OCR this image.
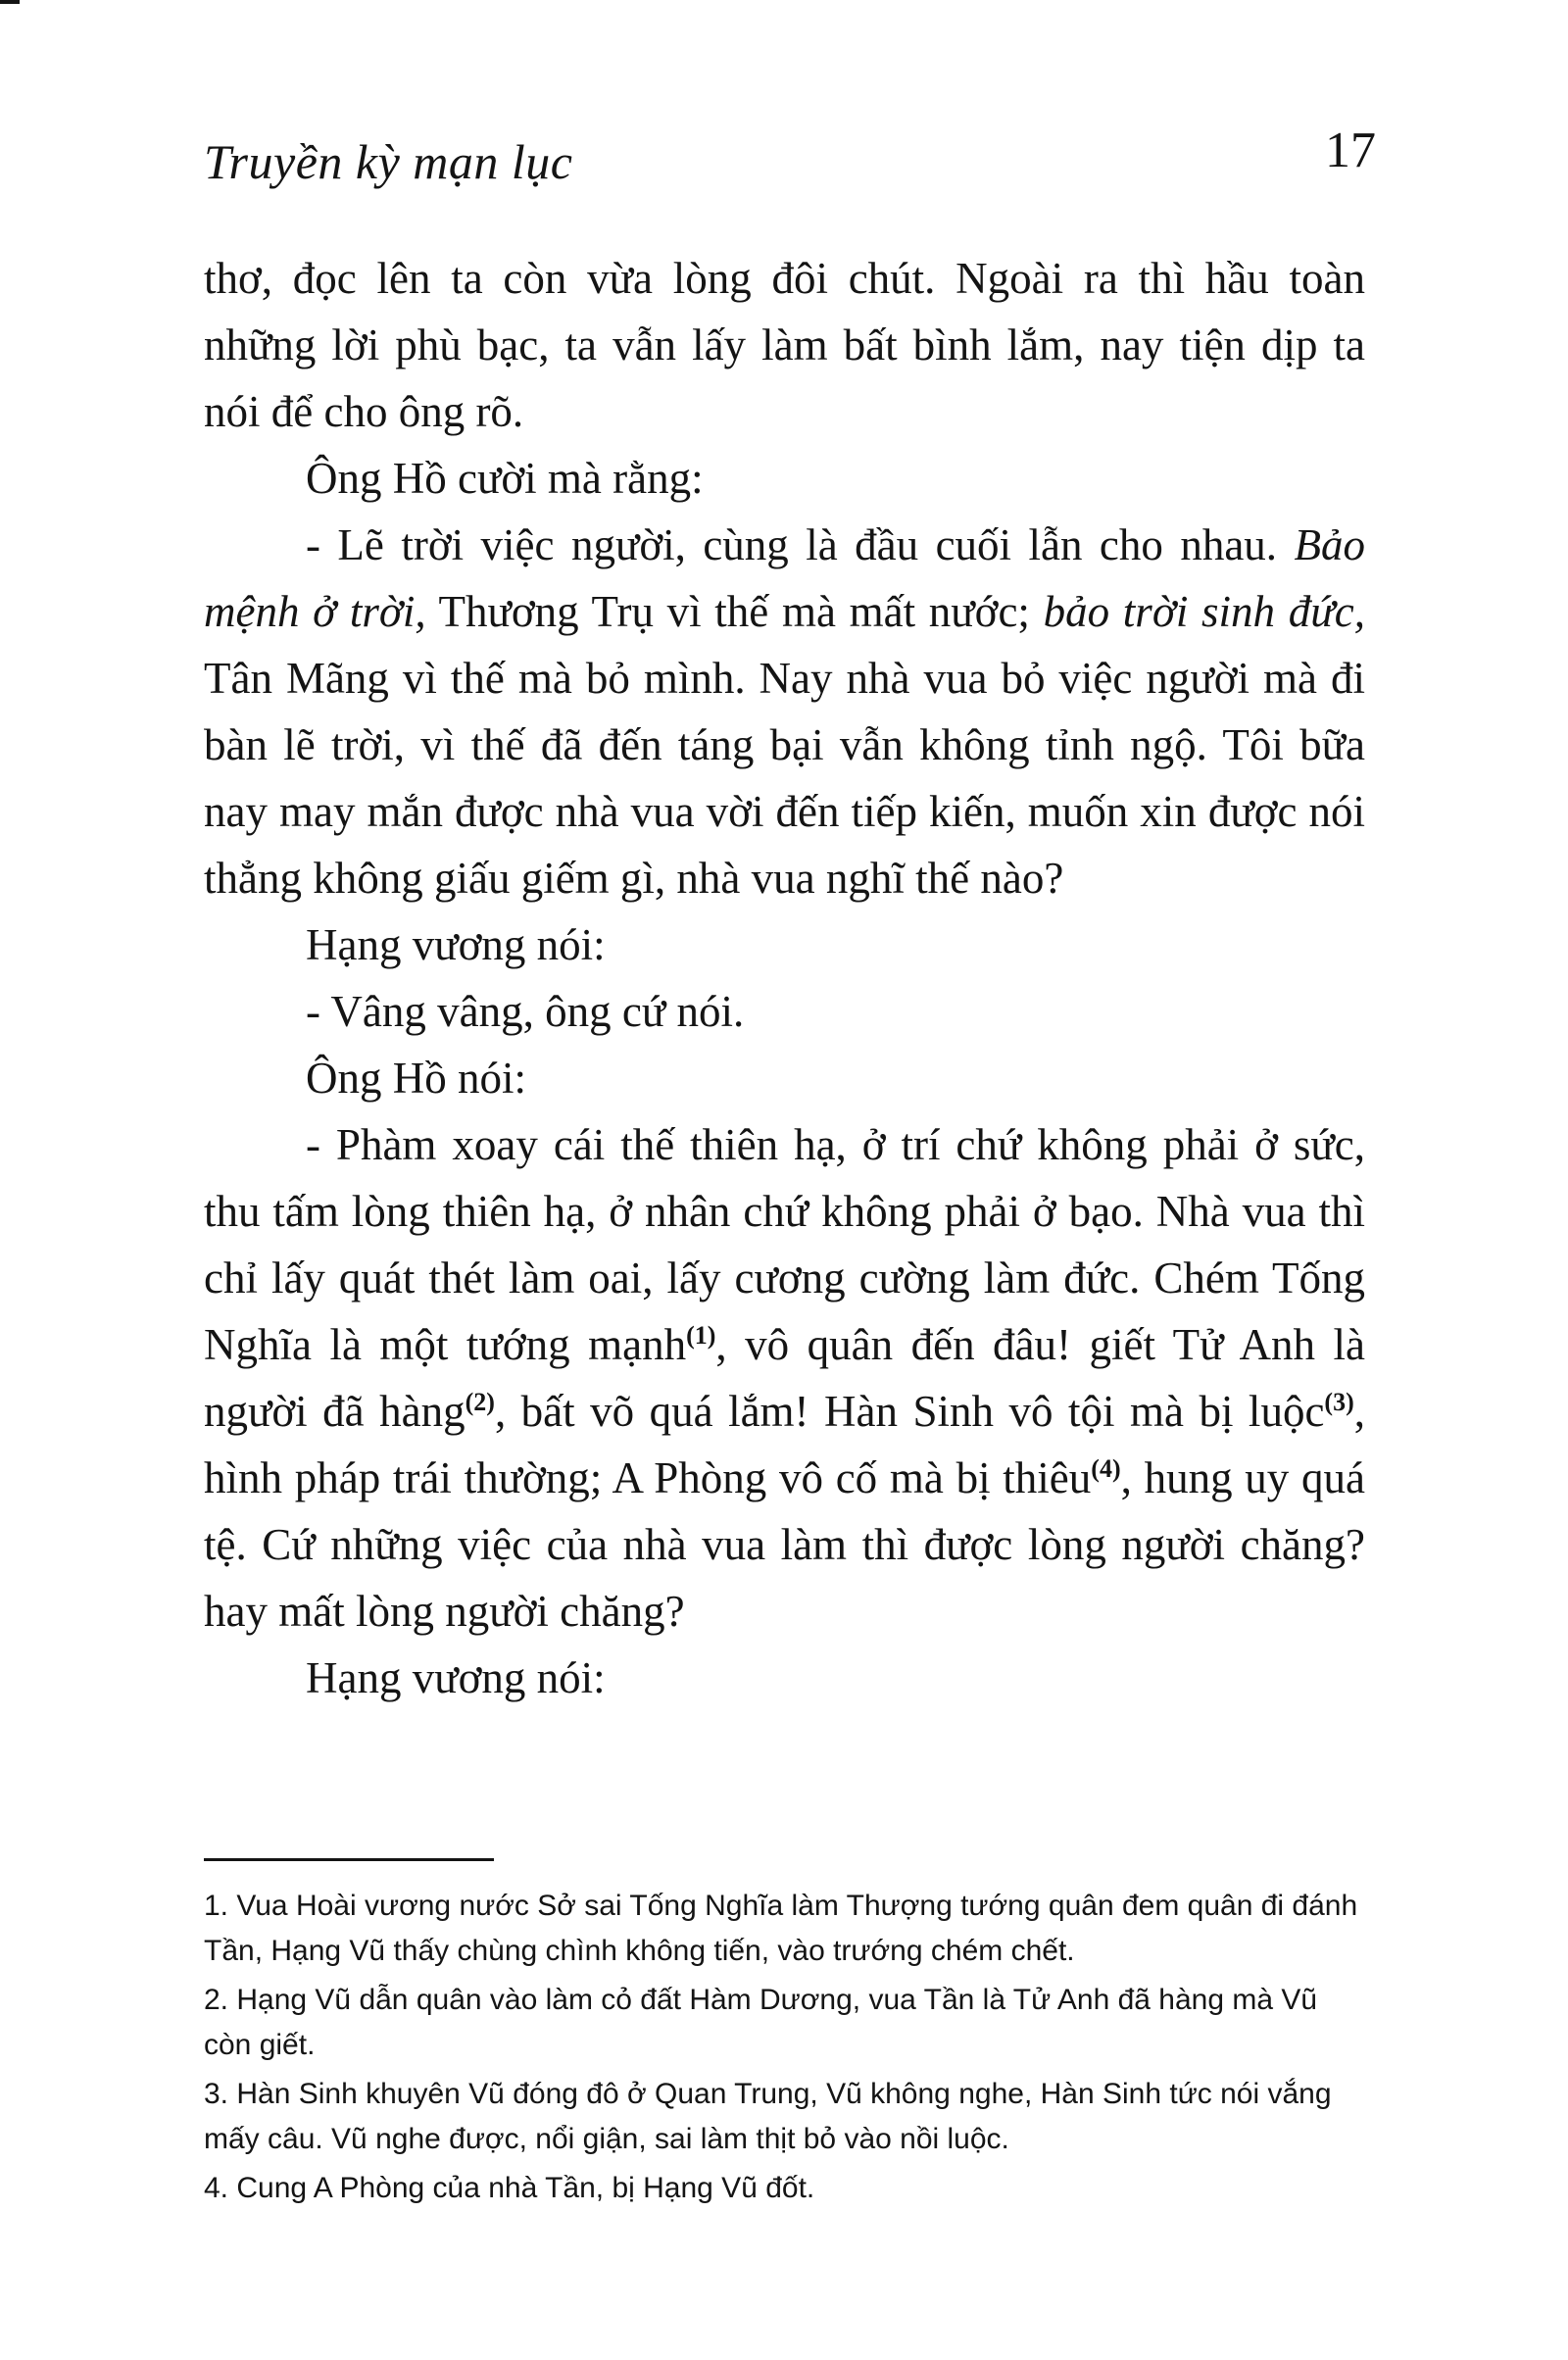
Truyền kỳ mạn lục	17

thơ, đọc lên ta còn vừa lòng đôi chút. Ngoài ra thì hầu toàn những lời phù bạc, ta vẫn lấy làm bất bình lắm, nay tiện dịp ta nói để cho ông rõ.

Ông Hồ cười mà rằng:

- Lẽ trời việc người, cùng là đầu cuối lẫn cho nhau. Bảo mệnh ở trời, Thương Trụ vì thế mà mất nước; bảo trời sinh đức, Tân Mãng vì thế mà bỏ mình. Nay nhà vua bỏ việc người mà đi bàn lẽ trời, vì thế đã đến táng bại vẫn không tỉnh ngộ. Tôi bữa nay may mắn được nhà vua vời đến tiếp kiến, muốn xin được nói thẳng không giấu giếm gì, nhà vua nghĩ thế nào?

Hạng vương nói:

- Vâng vâng, ông cứ nói.

Ông Hồ nói:

- Phàm xoay cái thế thiên hạ, ở trí chứ không phải ở sức, thu tấm lòng thiên hạ, ở nhân chứ không phải ở bạo. Nhà vua thì chỉ lấy quát thét làm oai, lấy cương cường làm đức. Chém Tống Nghĩa là một tướng mạnh$^{(1)}$, vô quân đến đâu! giết Tử Anh là người đã hàng$^{(2)}$, bất võ quá lắm! Hàn Sinh vô tội mà bị luộc$^{(3)}$, hình pháp trái thường; A Phòng vô cố mà bị thiêu$^{(4)}$, hung uy quá tệ. Cứ những việc của nhà vua làm thì được lòng người chăng? hay mất lòng người chăng?

Hạng vương nói:

1. Vua Hoài vương nước Sở sai Tống Nghĩa làm Thượng tướng quân đem quân đi đánh Tần, Hạng Vũ thấy chùng chình không tiến, vào trướng chém chết.

2. Hạng Vũ dẫn quân vào làm cỏ đất Hàm Dương, vua Tần là Tử Anh đã hàng mà Vũ còn giết.

3. Hàn Sinh khuyên Vũ đóng đô ở Quan Trung, Vũ không nghe, Hàn Sinh tức nói vắng mấy câu. Vũ nghe được, nổi giận, sai làm thịt bỏ vào nồi luộc.

4. Cung A Phòng của nhà Tần, bị Hạng Vũ đốt.
